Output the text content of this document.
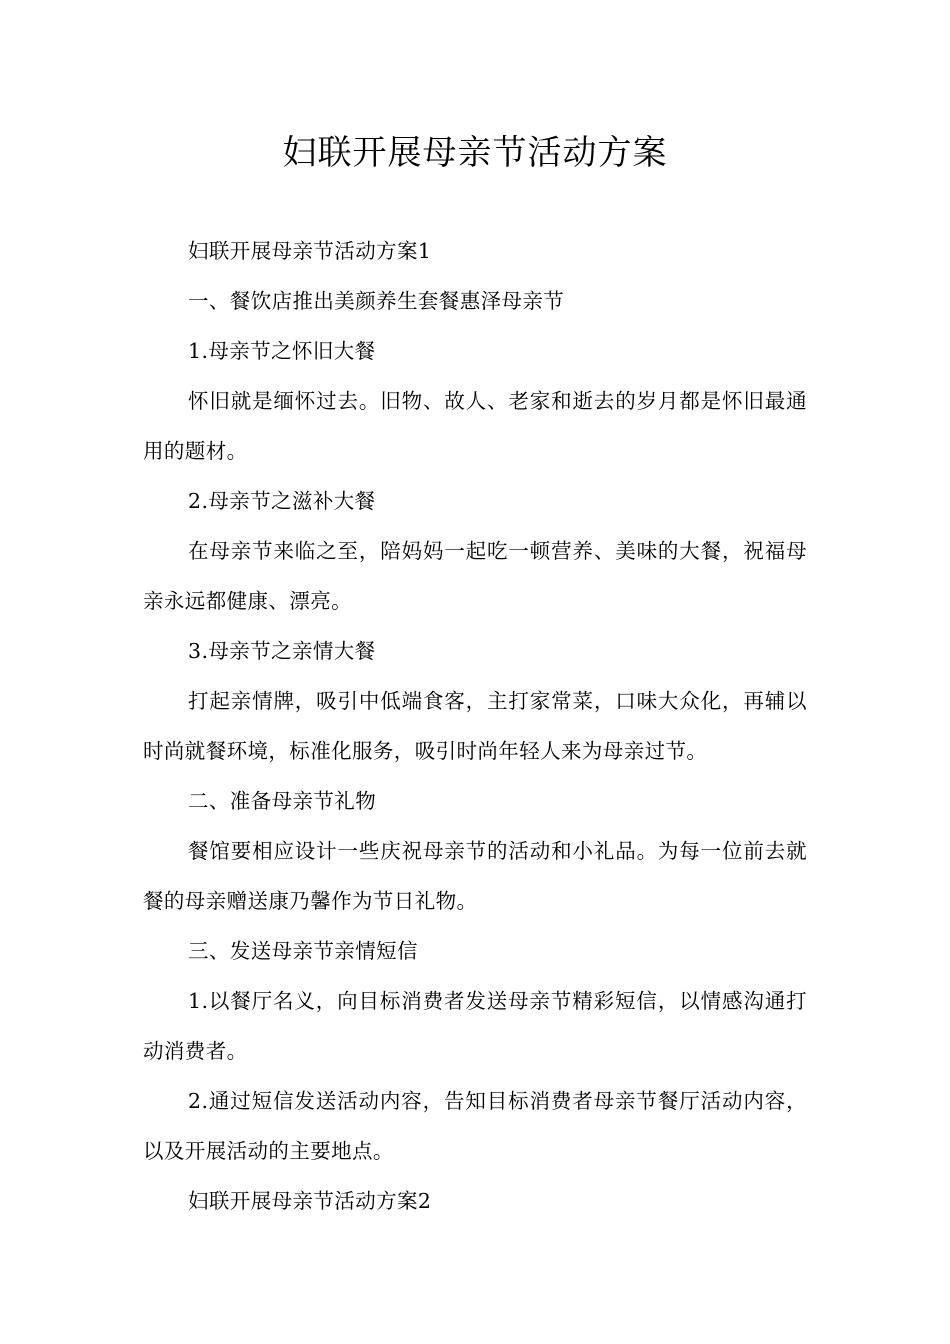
妇联开展母亲节活动方案

妇联开展母亲节活动方案1

一、餐饮店推出美颜养生套餐惠泽母亲节

1.母亲节之怀旧大餐

怀旧就是缅怀过去。旧物、故人、老家和逝去的岁月都是怀旧最通用的题材。

2.母亲节之滋补大餐

在母亲节来临之至，陪妈妈一起吃一顿营养、美味的大餐，祝福母亲永远都健康、漂亮。

3.母亲节之亲情大餐

打起亲情牌，吸引中低端食客，主打家常菜，口味大众化，再辅以时尚就餐环境，标准化服务，吸引时尚年轻人来为母亲过节。

二、准备母亲节礼物

餐馆要相应设计一些庆祝母亲节的活动和小礼品。为每一位前去就餐的母亲赠送康乃馨作为节日礼物。

三、发送母亲节亲情短信

1.以餐厅名义，向目标消费者发送母亲节精彩短信，以情感沟通打动消费者。

2.通过短信发送活动内容，告知目标消费者母亲节餐厅活动内容，以及开展活动的主要地点。

妇联开展母亲节活动方案2
